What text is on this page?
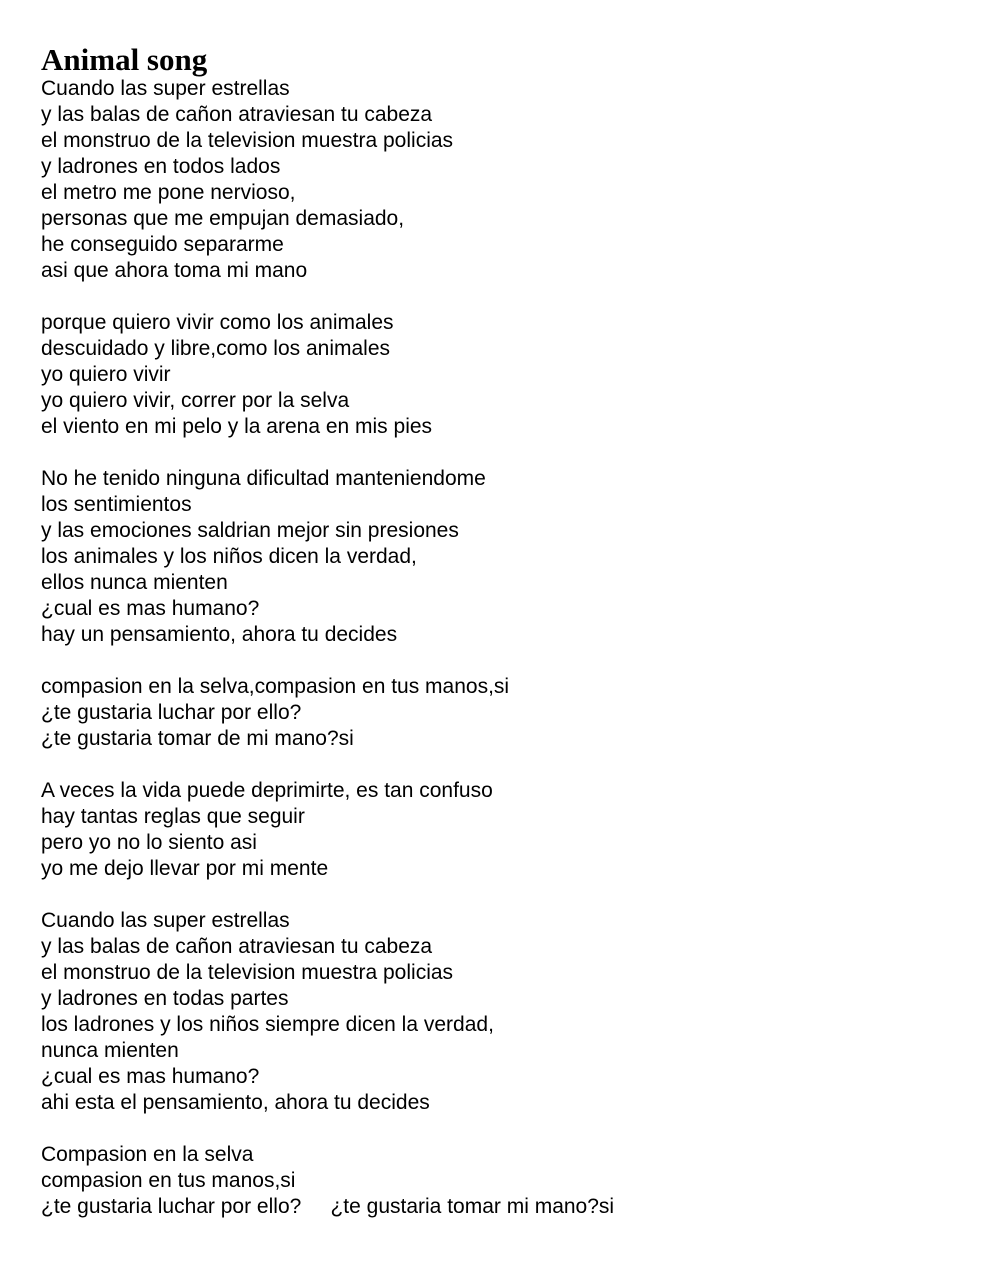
Animal song
Cuando las super estrellas
y las balas de cañon atraviesan tu cabeza
el monstruo de la television muestra policias
y ladrones en todos lados
el metro me pone nervioso,
personas que me empujan demasiado,
he conseguido separarme
asi que ahora toma mi mano
porque quiero vivir como los animales
descuidado y libre,como los animales
yo quiero vivir
yo quiero vivir, correr por la selva
el viento en mi pelo y la arena en mis pies
No he tenido ninguna dificultad manteniendome
los sentimientos
y las emociones saldrian mejor sin presiones
los animales y los niños dicen la verdad,
ellos nunca mienten
¿cual es mas humano?
hay un pensamiento, ahora tu decides
compasion en la selva,compasion en tus manos,si
¿te gustaria luchar por ello?
¿te gustaria tomar de mi mano?si
A veces la vida puede deprimirte, es tan confuso
hay tantas reglas que seguir
pero yo no lo siento asi
yo me dejo llevar por mi mente
Cuando las super estrellas
y las balas de cañon atraviesan tu cabeza
el monstruo de la television muestra policias
y ladrones en todas partes
los ladrones y los niños siempre dicen la verdad,
nunca mienten
¿cual es mas humano?
ahi esta el pensamiento, ahora tu decides
Compasion en la selva
compasion en tus manos,si
¿te gustaria luchar por ello?     ¿te gustaria tomar mi mano?si
